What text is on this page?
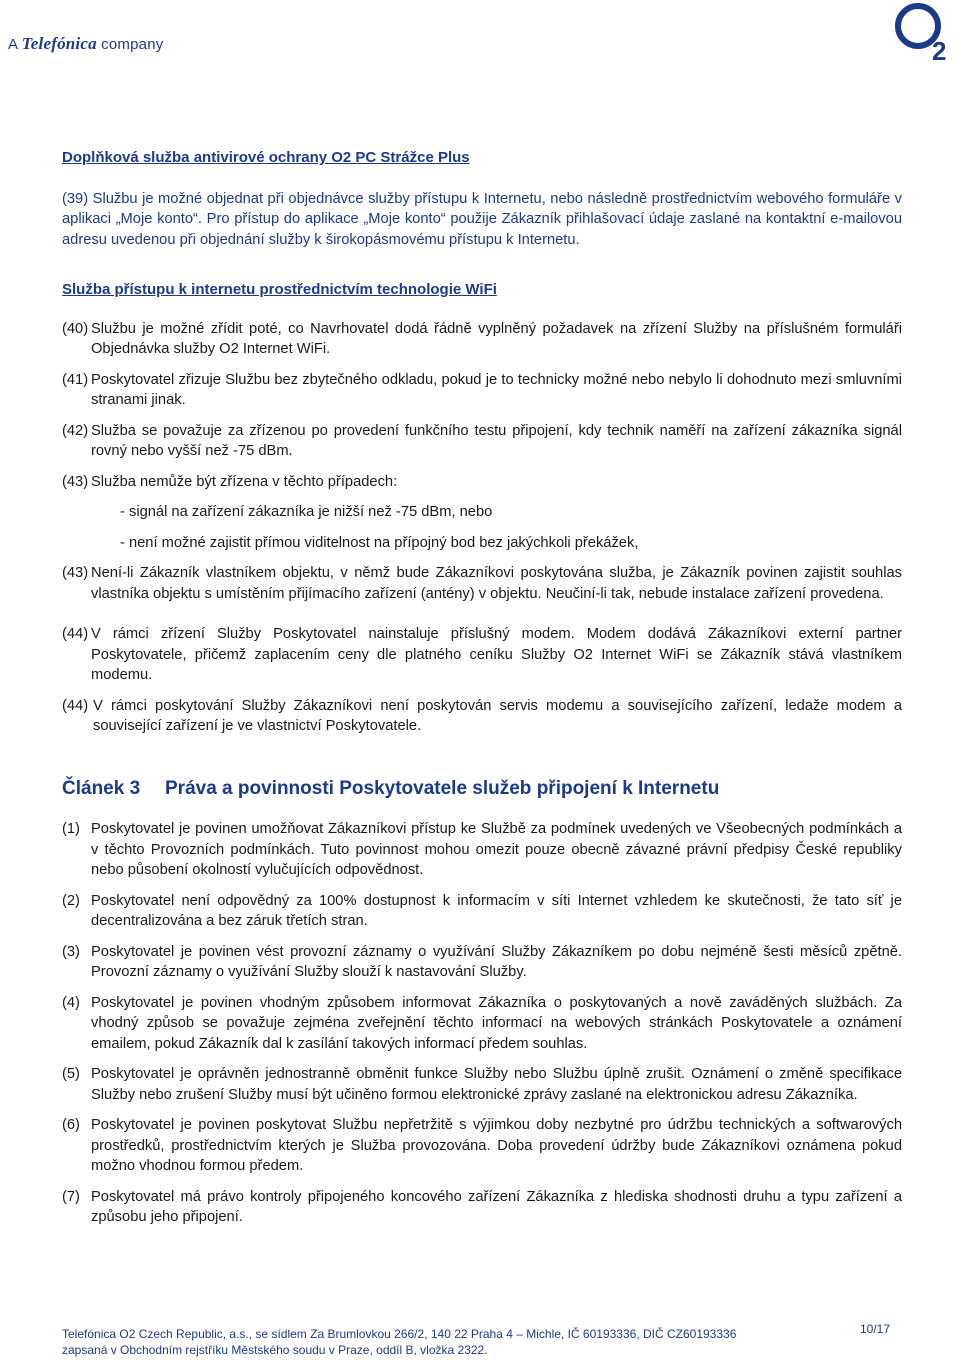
A Telefónica company	2

Doplňková služba antivirové ochrany O2 PC Strážce Plus

(39) Službu je možné objednat při objednávce služby přístupu k Internetu, nebo následně prostřednictvím webového formuláře v aplikaci „Moje konto“. Pro přístup do aplikace „Moje konto“ použije Zákazník přihlašovací údaje zaslané na kontaktní e-mailovou adresu uvedenou při objednání služby k širokopásmovému přístupu k Internetu.

Služba přístupu k internetu prostřednictvím technologie WiFi

(40) Službu je možné zřídit poté, co Navrhovatel dodá řádně vyplněný požadavek na zřízení Služby na příslušném formuláři Objednávka služby O2 Internet WiFi.
(41) Poskytovatel zřizuje Službu bez zbytečného odkladu, pokud je to technicky možné nebo nebylo li dohodnuto mezi smluvními stranami jinak.
(42) Služba se považuje za zřízenou po provedení funkčního testu připojení, kdy technik naměří na zařízení zákazníka signál rovný nebo vyšší než -75 dBm.
(43) Služba nemůže být zřízena v těchto případech:

- signál na zařízení zákazníka je nižší než -75 dBm, nebo

- není možné zajistit přímou viditelnost na přípojný bod bez jakýchkoli překážek,

(43) Není-li Zákazník vlastníkem objektu, v němž bude Zákazníkovi poskytována služba, je Zákazník povinen zajistit souhlas vlastníka objektu s umístěním přijímacího zařízení (antény) v objektu. Neučiní-li tak, nebude instalace zařízení provedena.
(44) V rámci zřízení Služby Poskytovatel nainstaluje příslušný modem. Modem dodává Zákazníkovi externí partner Poskytovatele, přičemž zaplacením ceny dle platného ceníku Služby O2 Internet WiFi se Zákazník stává vlastníkem modemu.
(44) V rámci poskytování Služby Zákazníkovi není poskytován servis modemu a souvisejícího zařízení, ledaže modem a související zařízení je ve vlastnictví Poskytovatele.
Článek 3	Práva a povinnosti Poskytovatele služeb připojení k Internetu
(1) Poskytovatel je povinen umožňovat Zákazníkovi přístup ke Službě za podmínek uvedených ve Všeobecných podmínkách a v těchto Provozních podmínkách. Tuto povinnost mohou omezit pouze obecně závazné právní předpisy České republiky nebo působení okolností vylučujících odpovědnost.
(2) Poskytovatel není odpovědný za 100% dostupnost k informacím v síti Internet vzhledem ke skutečnosti, že tato síť je decentralizována a bez záruk třetích stran.
(3) Poskytovatel je povinen vést provozní záznamy o využívání Služby Zákazníkem po dobu nejméně šesti měsíců zpětně. Provozní záznamy o využívání Služby slouží k nastavování Služby.
(4) Poskytovatel je povinen vhodným způsobem informovat Zákazníka o poskytovaných a nově zaváděných službách. Za vhodný způsob se považuje zejména zveřejnění těchto informací na webových stránkách Poskytovatele a oznámení emailem, pokud Zákazník dal k zasílání takových informací předem souhlas.
(5) Poskytovatel je oprávněn jednostranně obměnit funkce Služby nebo Službu úplně zrušit. Oznámení o změně specifikace Služby nebo zrušení Služby musí být učiněno formou elektronické zprávy zaslané na elektronickou adresu Zákazníka.
(6) Poskytovatel je povinen poskytovat Službu nepřetržitě s výjimkou doby nezbytné pro údržbu technických a softwarových prostředků, prostřednictvím kterých je Služba provozována. Doba provedení údržby bude Zákazníkovi oznámena pokud možno vhodnou formou předem.
(7) Poskytovatel má právo kontroly připojeného koncového zařízení Zákazníka z hlediska shodnosti druhu a typu zařízení a způsobu jeho připojení.
Telefónica O2 Czech Republic, a.s., se sídlem Za Brumlovkou 266/2, 140 22 Praha 4 – Michle, IČ 60193336, DIČ CZ60193336
zapsaná v Obchodním rejstříku Městského soudu v Praze, oddíl B, vložka 2322.
10/17
